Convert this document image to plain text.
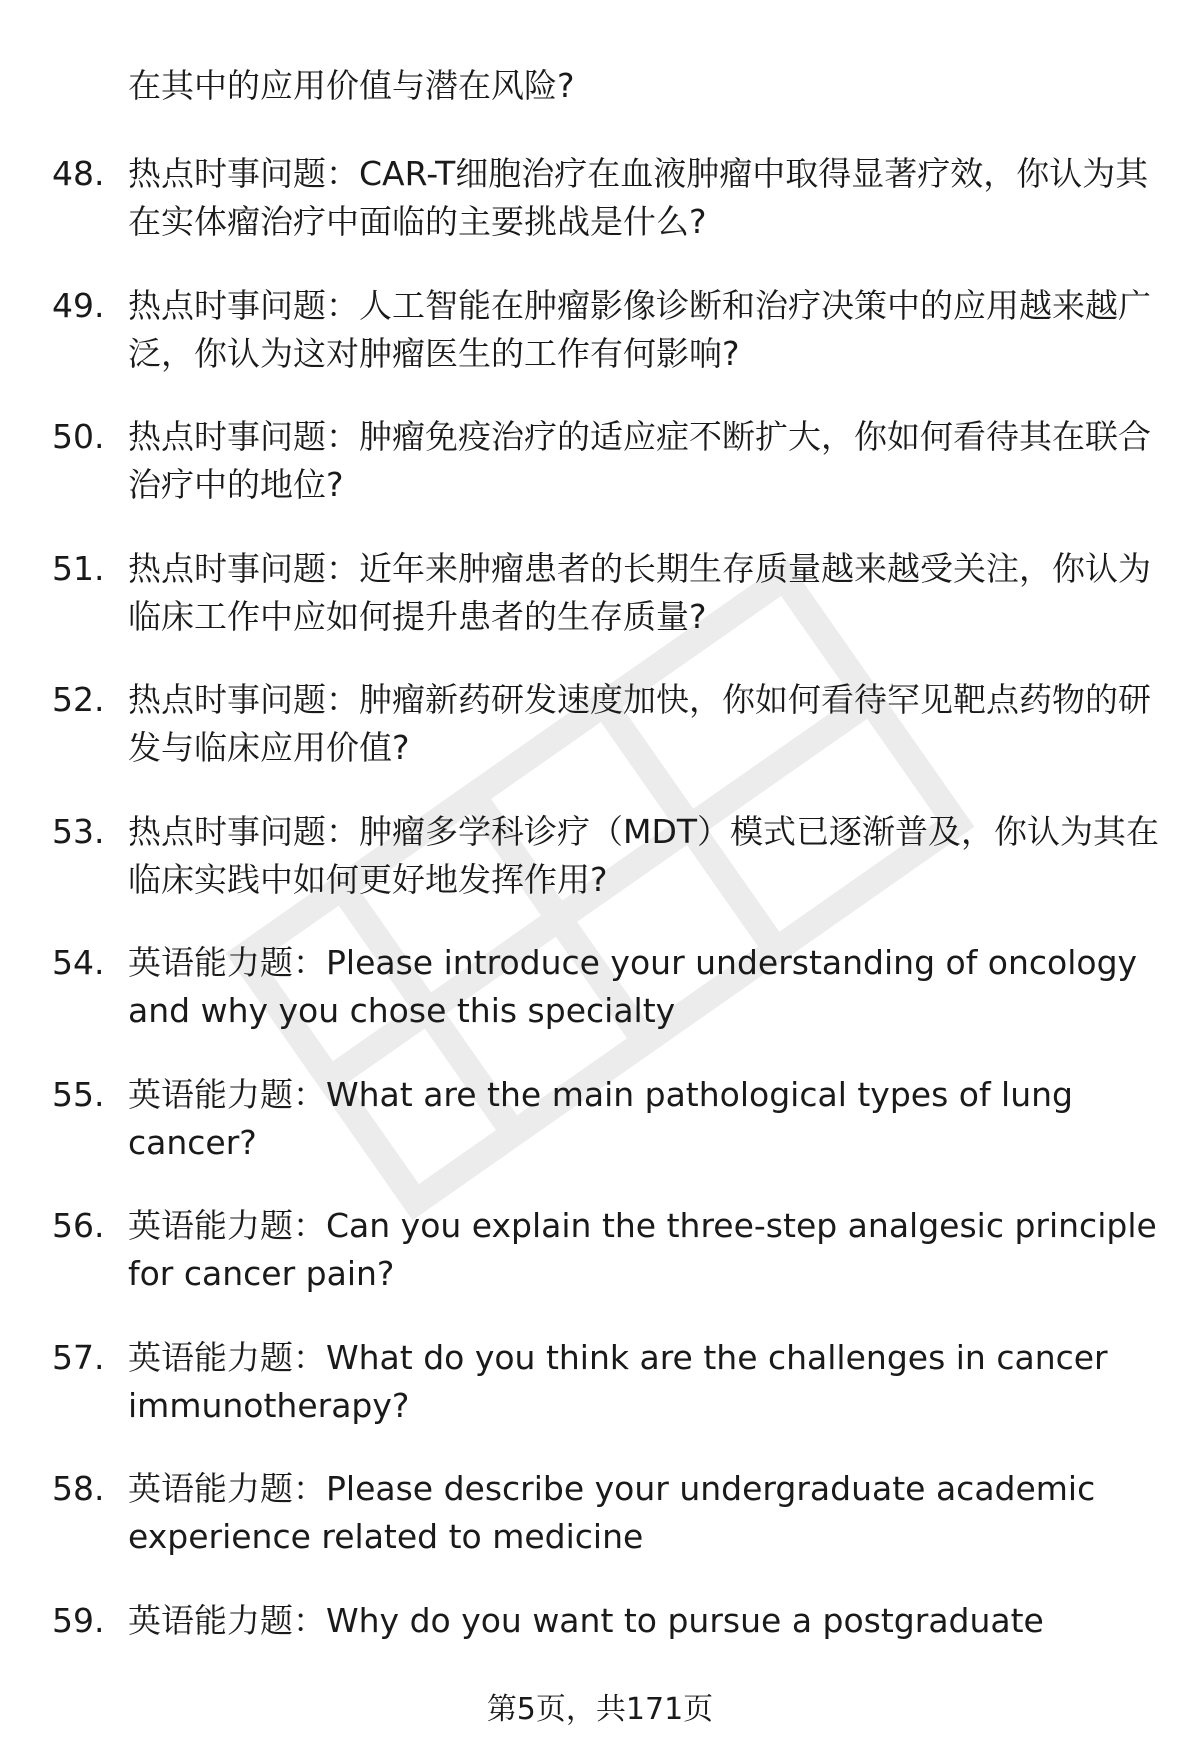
在其中的应用价值与潜在风险?

48. 热点时事问题：CAR-T细胞治疗在血液肿瘤中取得显著疗效，你认为其在实体瘤治疗中面临的主要挑战是什么?

49. 热点时事问题：人工智能在肿瘤影像诊断和治疗决策中的应用越来越广泛，你认为这对肿瘤医生的工作有何影响?

50. 热点时事问题：肿瘤免疫治疗的适应症不断扩大，你如何看待其在联合治疗中的地位?

51. 热点时事问题：近年来肿瘤患者的长期生存质量越来越受关注，你认为临床工作中应如何提升患者的生存质量?

52. 热点时事问题：肿瘤新药研发速度加快，你如何看待罕见靶点药物的研发与临床应用价值?

53. 热点时事问题：肿瘤多学科诊疗（MDT）模式已逐渐普及，你认为其在临床实践中如何更好地发挥作用?

54. 英语能力题：Please introduce your understanding of oncology and why you chose this specialty

55. 英语能力题：What are the main pathological types of lung cancer?

56. 英语能力题：Can you explain the three-step analgesic principle for cancer pain?

57. 英语能力题：What do you think are the challenges in cancer immunotherapy?

58. 英语能力题：Please describe your undergraduate academic experience related to medicine

59. 英语能力题：Why do you want to pursue a postgraduate

第5页，共171页
